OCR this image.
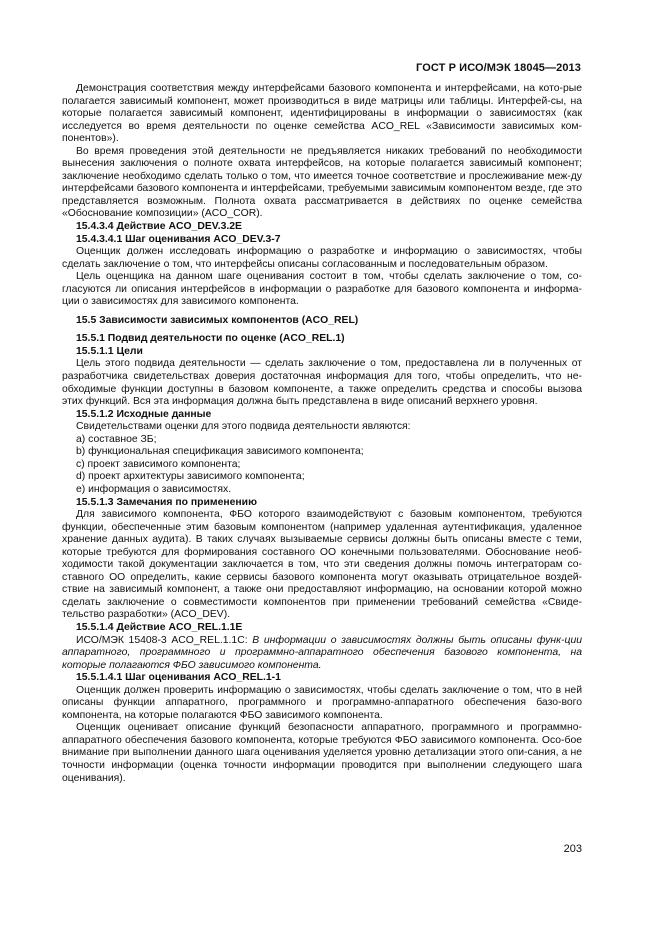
ГОСТ Р ИСО/МЭК 18045—2013

Демонстрация соответствия между интерфейсами базового компонента и интерфейсами, на кото-рые полагается зависимый компонент, может производиться в виде матрицы или таблицы. Интерфей-сы, на которые полагается зависимый компонент, идентифицированы в информации о зависимостях (как исследуется во время деятельности по оценке семейства ACO_REL «Зависимости зависимых ком-понентов»).

Во время проведения этой деятельности не предъявляется никаких требований по необходимости вынесения заключения о полноте охвата интерфейсов, на которые полагается зависимый компонент; заключение необходимо сделать только о том, что имеется точное соответствие и прослеживание меж-ду интерфейсами базового компонента и интерфейсами, требуемыми зависимым компонентом везде, где это представляется возможным. Полнота охвата рассматривается в действиях по оценке семейства «Обоснование композиции» (ACO_COR).

15.4.3.4 Действие ACO_DEV.3.2E

15.4.3.4.1 Шаг оценивания ACO_DEV.3-7

Оценщик должен исследовать информацию о разработке и информацию о зависимостях, чтобы сделать заключение о том, что интерфейсы описаны согласованным и последовательным образом.

Цель оценщика на данном шаге оценивания состоит в том, чтобы сделать заключение о том, со-гласуются ли описания интерфейсов в информации о разработке для базового компонента и информа-ции о зависимостях для зависимого компонента.

15.5 Зависимости зависимых компонентов (ACO_REL)

15.5.1 Подвид деятельности по оценке (ACO_REL.1)

15.5.1.1 Цели

Цель этого подвида деятельности — сделать заключение о том, предоставлена ли в полученных от разработчика свидетельствах доверия достаточная информация для того, чтобы определить, что не-обходимые функции доступны в базовом компоненте, а также определить средства и способы вызова этих функций. Вся эта информация должна быть представлена в виде описаний верхнего уровня.

15.5.1.2 Исходные данные

Свидетельствами оценки для этого подвида деятельности являются:

a) составное ЗБ;

b) функциональная спецификация зависимого компонента;

c) проект зависимого компонента;

d) проект архитектуры зависимого компонента;

e) информация о зависимостях.

15.5.1.3 Замечания по применению

Для зависимого компонента, ФБО которого взаимодействуют с базовым компонентом, требуются функции, обеспеченные этим базовым компонентом (например удаленная аутентификация, удаленное хранение данных аудита). В таких случаях вызываемые сервисы должны быть описаны вместе с теми, которые требуются для формирования составного ОО конечными пользователями. Обоснование необ-ходимости такой документации заключается в том, что эти сведения должны помочь интеграторам со-ставного ОО определить, какие сервисы базового компонента могут оказывать отрицательное воздей-ствие на зависимый компонент, а также они предоставляют информацию, на основании которой можно сделать заключение о совместимости компонентов при применении требований семейства «Свиде-тельство разработки» (ACO_DEV).

15.5.1.4 Действие ACO_REL.1.1E

ИСО/МЭК 15408-3 ACO_REL.1.1C: В информации о зависимостях должны быть описаны функ-ции аппаратного, программного и программно-аппаратного обеспечения базового компонента, на которые полагаются ФБО зависимого компонента.

15.5.1.4.1 Шаг оценивания ACO_REL.1-1

Оценщик должен проверить информацию о зависимостях, чтобы сделать заключение о том, что в ней описаны функции аппаратного, программного и программно-аппаратного обеспечения базо-вого компонента, на которые полагаются ФБО зависимого компонента.

Оценщик оценивает описание функций безопасности аппаратного, программного и программно-аппаратного обеспечения базового компонента, которые требуются ФБО зависимого компонента. Осо-бое внимание при выполнении данного шага оценивания уделяется уровню детализации этого опи-сания, а не точности информации (оценка точности информации проводится при выполнении следующего шага оценивания).

203
